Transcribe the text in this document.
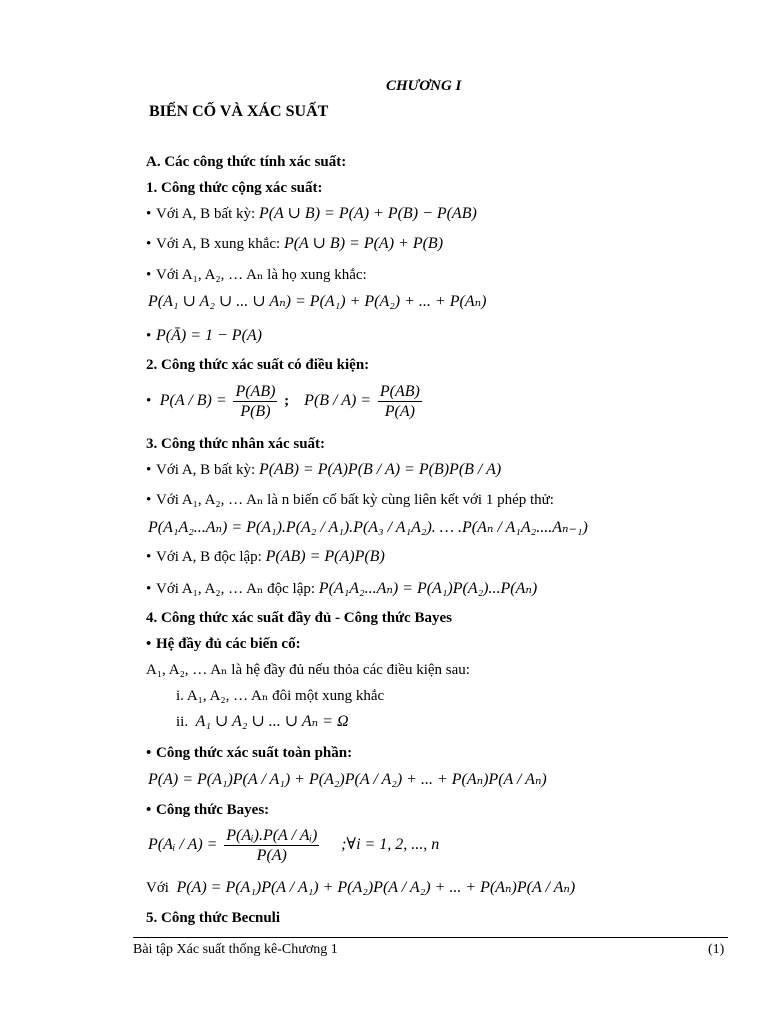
CHƯƠNG I
BIẾN CỐ VÀ XÁC SUẤT
A. Các công thức tính xác suất:
1. Công thức cộng xác suất:
• Với A, B bất kỳ: P(A ∪ B) = P(A) + P(B) − P(AB)
• Với A, B xung khắc: P(A ∪ B) = P(A) + P(B)
• Với A₁, A₂, … Aₙ là họ xung khắc:
P(A₁ ∪ A₂ ∪ ... ∪ Aₙ) = P(A₁) + P(A₂) + ... + P(Aₙ)
• P(Ā) = 1 − P(A)
2. Công thức xác suất có điều kiện:
• $P(A / B) = \frac{P(AB)}{P(B)}$ ; $P(B / A) = \frac{P(AB)}{P(A)}$
3. Công thức nhân xác suất:
• Với A, B bất kỳ: P(AB) = P(A)P(B / A) = P(B)P(B / A)
• Với A₁, A₂, … Aₙ là n biến cố bất kỳ cùng liên kết với 1 phép thử:
P(A₁A₂...Aₙ) = P(A₁).P(A₂ / A₁).P(A₃ / A₁A₂). … .P(Aₙ / A₁A₂....Aₙ₋₁)
• Với A, B độc lập: P(AB) = P(A)P(B)
• Với A₁, A₂, … Aₙ độc lập: P(A₁A₂...Aₙ) = P(A₁)P(A₂)...P(Aₙ)
4. Công thức xác suất đầy đủ - Công thức Bayes
• Hệ đầy đủ các biến cố:
A₁, A₂, … Aₙ là hệ đầy đủ nếu thỏa các điều kiện sau:
i. A₁, A₂, … Aₙ đôi một xung khắc
ii. A₁ ∪ A₂ ∪ ... ∪ Aₙ = Ω
• Công thức xác suất toàn phần:
P(A) = P(A₁)P(A / A₁) + P(A₂)P(A / A₂) + ... + P(Aₙ)P(A / Aₙ)
• Công thức Bayes:
P(Aᵢ / $A) = \frac{\text{P(Aᵢ).P(A / Aᵢ)}}{P(A)}$ ;∀i = 1, 2, ..., n
Với P(A) = P(A₁)P(A / A₁) + P(A₂)P(A / A₂) + ... + P(Aₙ)P(A / Aₙ)
5. Công thức Becnuli
Bài tập Xác suất thống kê-Chương 1	(1)
